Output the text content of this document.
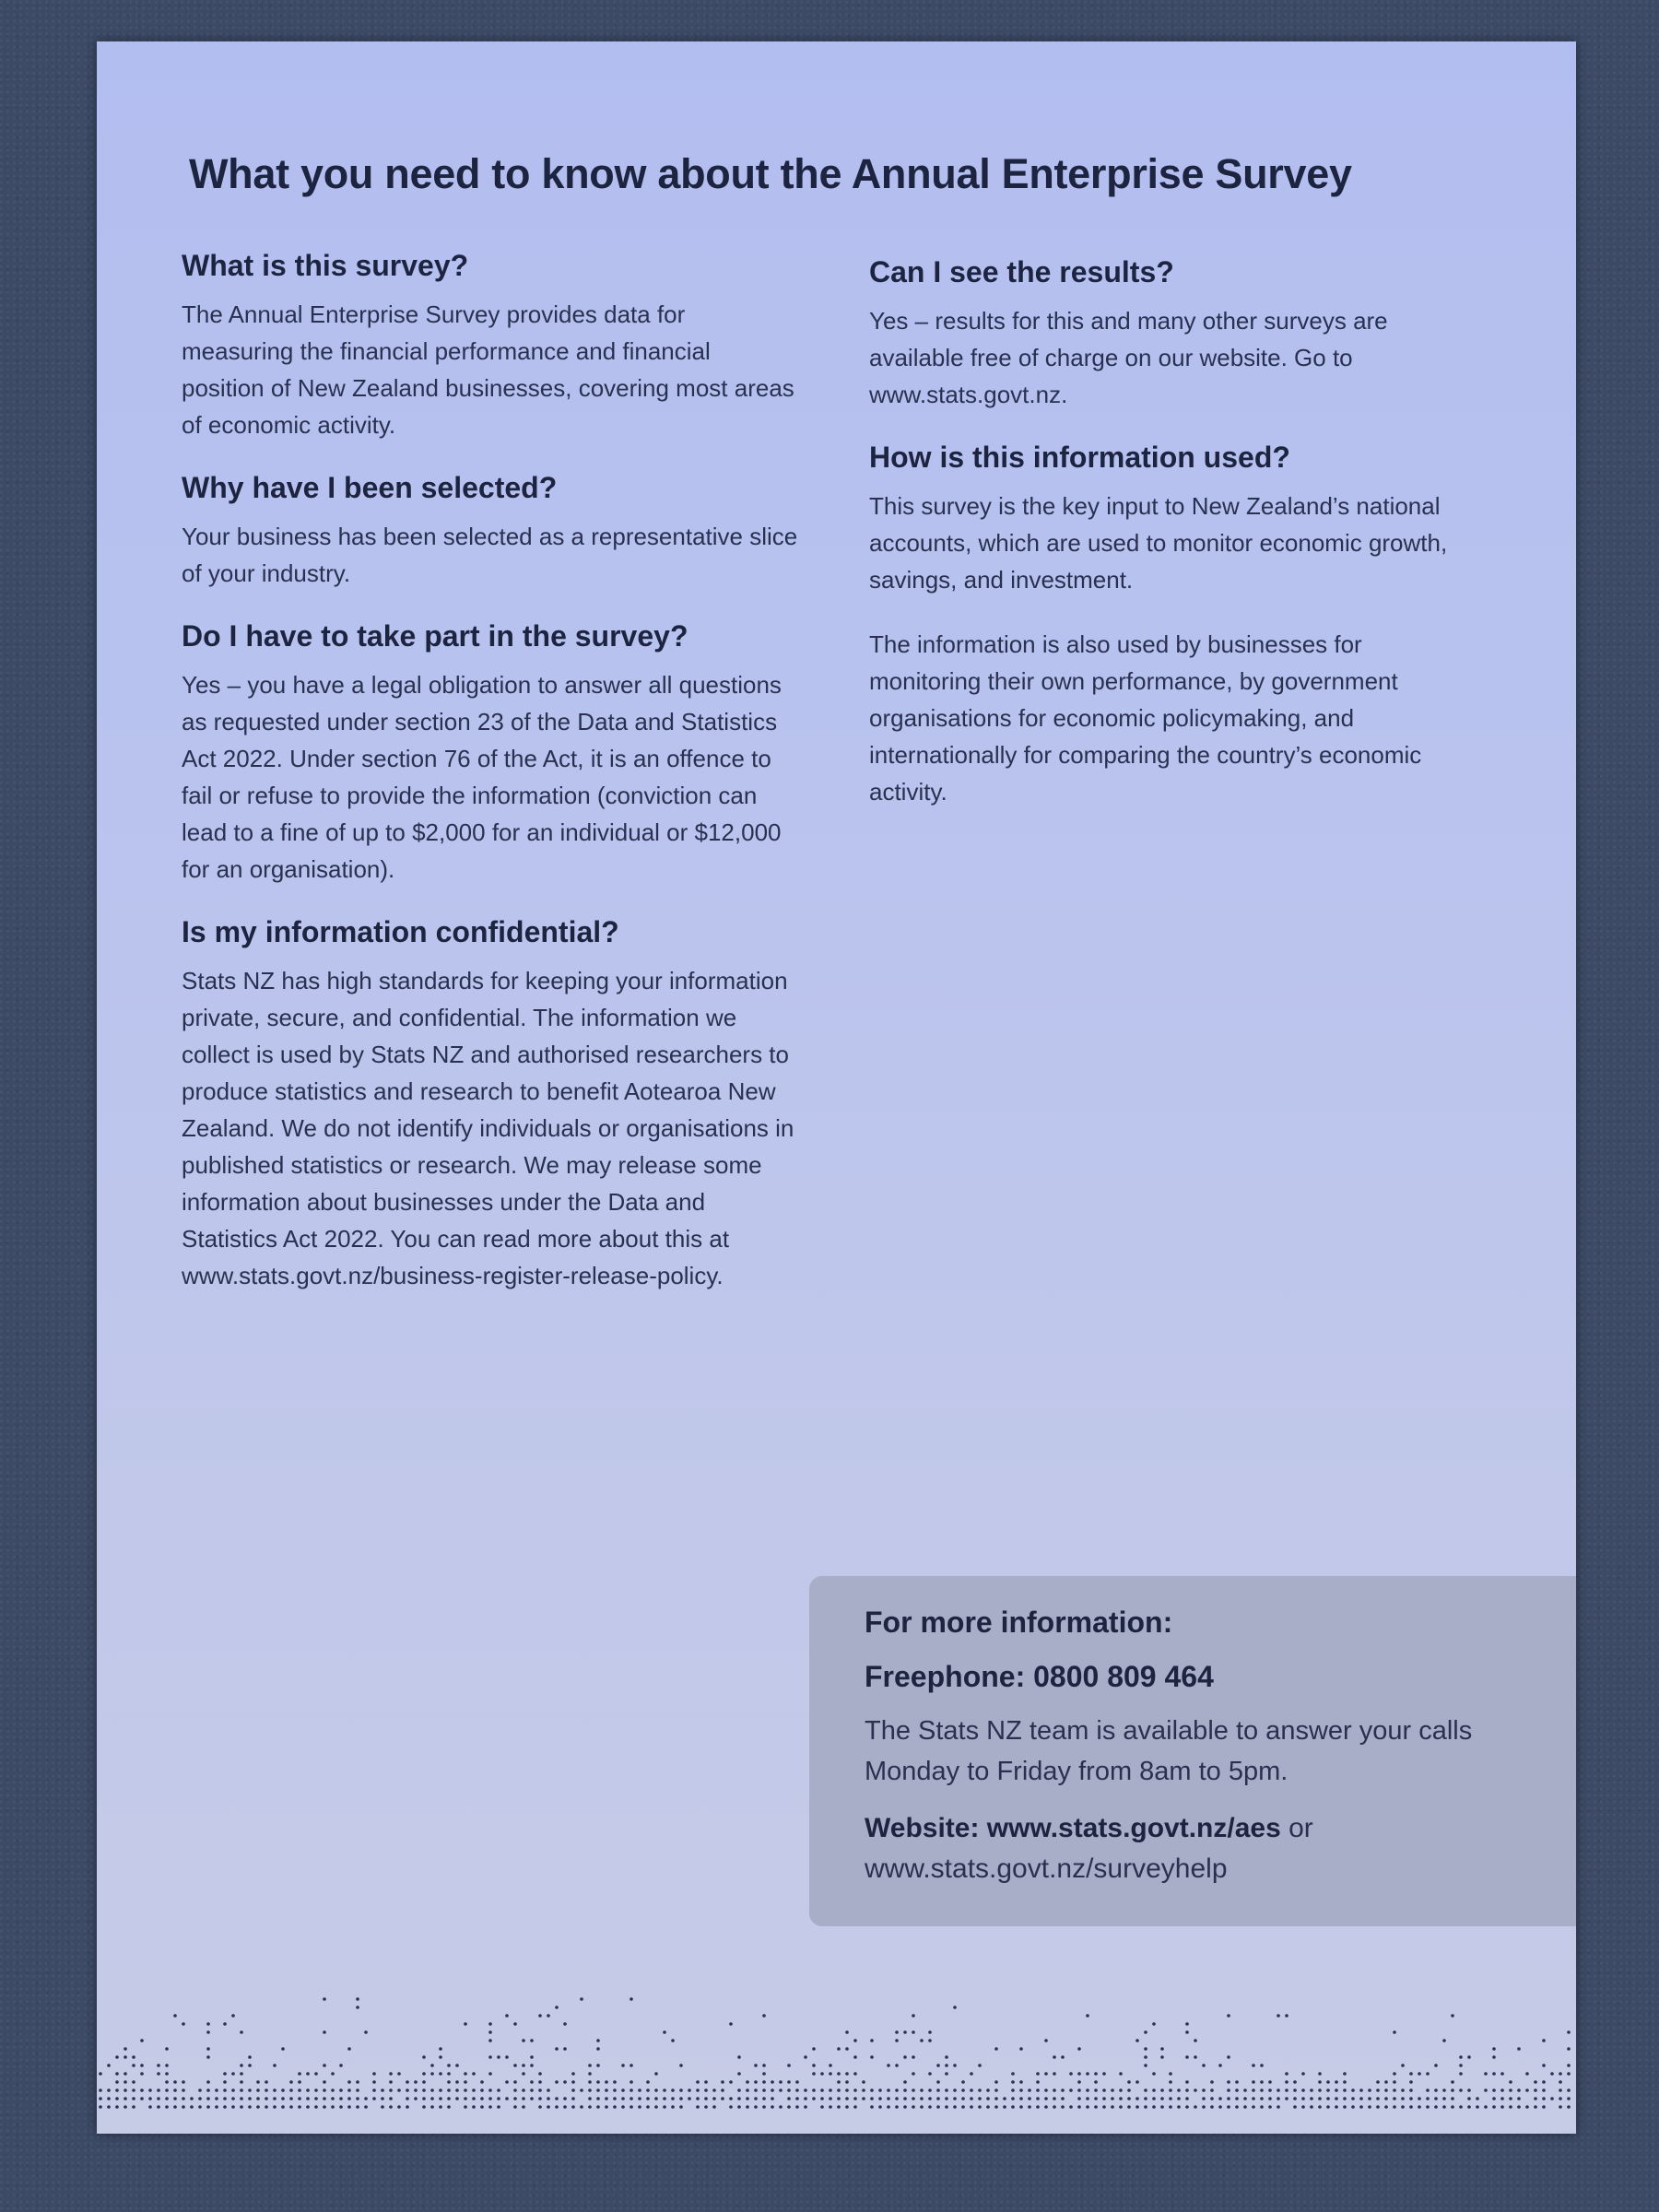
What you need to know about the Annual Enterprise Survey
What is this survey?

The Annual Enterprise Survey provides data for measuring the financial performance and financial position of New Zealand businesses, covering most areas of economic activity.

Why have I been selected?

Your business has been selected as a representative slice of your industry.

Do I have to take part in the survey?

Yes – you have a legal obligation to answer all questions as requested under section 23 of the Data and Statistics Act 2022. Under section 76 of the Act, it is an offence to fail or refuse to provide the information (conviction can lead to a fine of up to $2,000 for an individual or $12,000 for an organisation).

Is my information confidential?

Stats NZ has high standards for keeping your information private, secure, and confidential. The information we collect is used by Stats NZ and authorised researchers to produce statistics and research to benefit Aotearoa New Zealand. We do not identify individuals or organisations in published statistics or research. We may release some information about businesses under the Data and Statistics Act 2022. You can read more about this at www.stats.govt.nz/business-register-release-policy.

Can I see the results?

Yes – results for this and many other surveys are available free of charge on our website. Go to www.stats.govt.nz.

How is this information used?

This survey is the key input to New Zealand’s national accounts, which are used to monitor economic growth, savings, and investment.

The information is also used by businesses for monitoring their own performance, by government organisations for economic policymaking, and internationally for comparing the country’s economic activity.

For more information:

Freephone: 0800 809 464

The Stats NZ team is available to answer your calls Monday to Friday from 8am to 5pm.

Website: www.stats.govt.nz/aes or
www.stats.govt.nz/surveyhelp
